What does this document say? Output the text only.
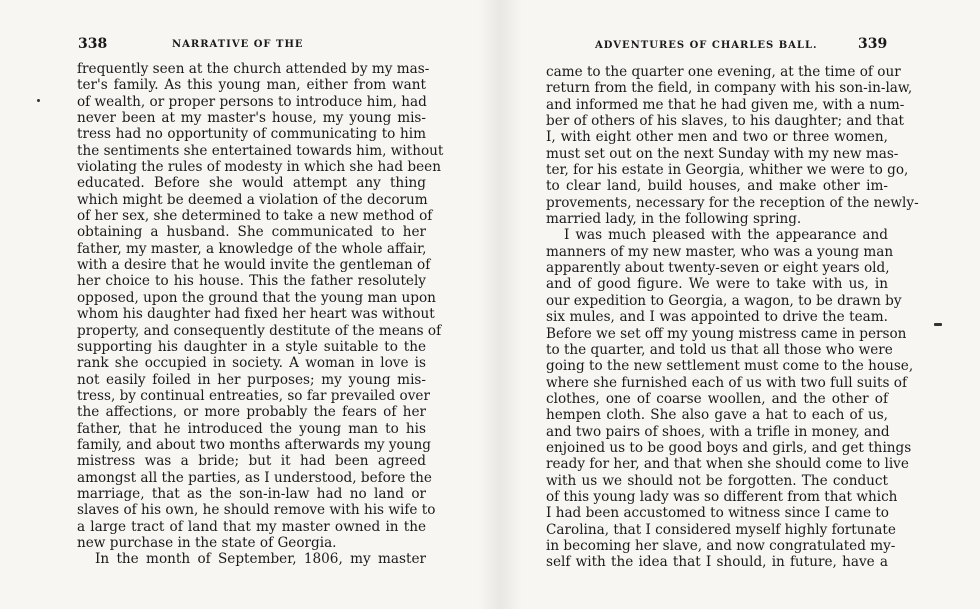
338	NARRATIVE OF THE
frequently seen at the church attended by my mas-
ter's family. As this young man, either from want
of wealth, or proper persons to introduce him, had
never been at my master's house, my young mis-
tress had no opportunity of communicating to him
the sentiments she entertained towards him, without
violating the rules of modesty in which she had been
educated. Before she would attempt any thing
which might be deemed a violation of the decorum
of her sex, she determined to take a new method of
obtaining a husband. She communicated to her
father, my master, a knowledge of the whole affair,
with a desire that he would invite the gentleman of
her choice to his house. This the father resolutely
opposed, upon the ground that the young man upon
whom his daughter had fixed her heart was without
property, and consequently destitute of the means of
supporting his daughter in a style suitable to the
rank she occupied in society. A woman in love is
not easily foiled in her purposes; my young mis-
tress, by continual entreaties, so far prevailed over
the affections, or more probably the fears of her
father, that he introduced the young man to his
family, and about two months afterwards my young
mistress was a bride; but it had been agreed
amongst all the parties, as I understood, before the
marriage, that as the son-in-law had no land or
slaves of his own, he should remove with his wife to
a large tract of land that my master owned in the
new purchase in the state of Georgia.
In the month of September, 1806, my master
ADVENTURES OF CHARLES BALL.	339
came to the quarter one evening, at the time of our
return from the field, in company with his son-in-law,
and informed me that he had given me, with a num-
ber of others of his slaves, to his daughter; and that
I, with eight other men and two or three women,
must set out on the next Sunday with my new mas-
ter, for his estate in Georgia, whither we were to go,
to clear land, build houses, and make other im-
provements, necessary for the reception of the newly-
married lady, in the following spring.
I was much pleased with the appearance and
manners of my new master, who was a young man
apparently about twenty-seven or eight years old,
and of good figure. We were to take with us, in
our expedition to Georgia, a wagon, to be drawn by
six mules, and I was appointed to drive the team.
Before we set off my young mistress came in person
to the quarter, and told us that all those who were
going to the new settlement must come to the house,
where she furnished each of us with two full suits of
clothes, one of coarse woollen, and the other of
hempen cloth. She also gave a hat to each of us,
and two pairs of shoes, with a trifle in money, and
enjoined us to be good boys and girls, and get things
ready for her, and that when she should come to live
with us we should not be forgotten. The conduct
of this young lady was so different from that which
I had been accustomed to witness since I came to
Carolina, that I considered myself highly fortunate
in becoming her slave, and now congratulated my-
self with the idea that I should, in future, have a
